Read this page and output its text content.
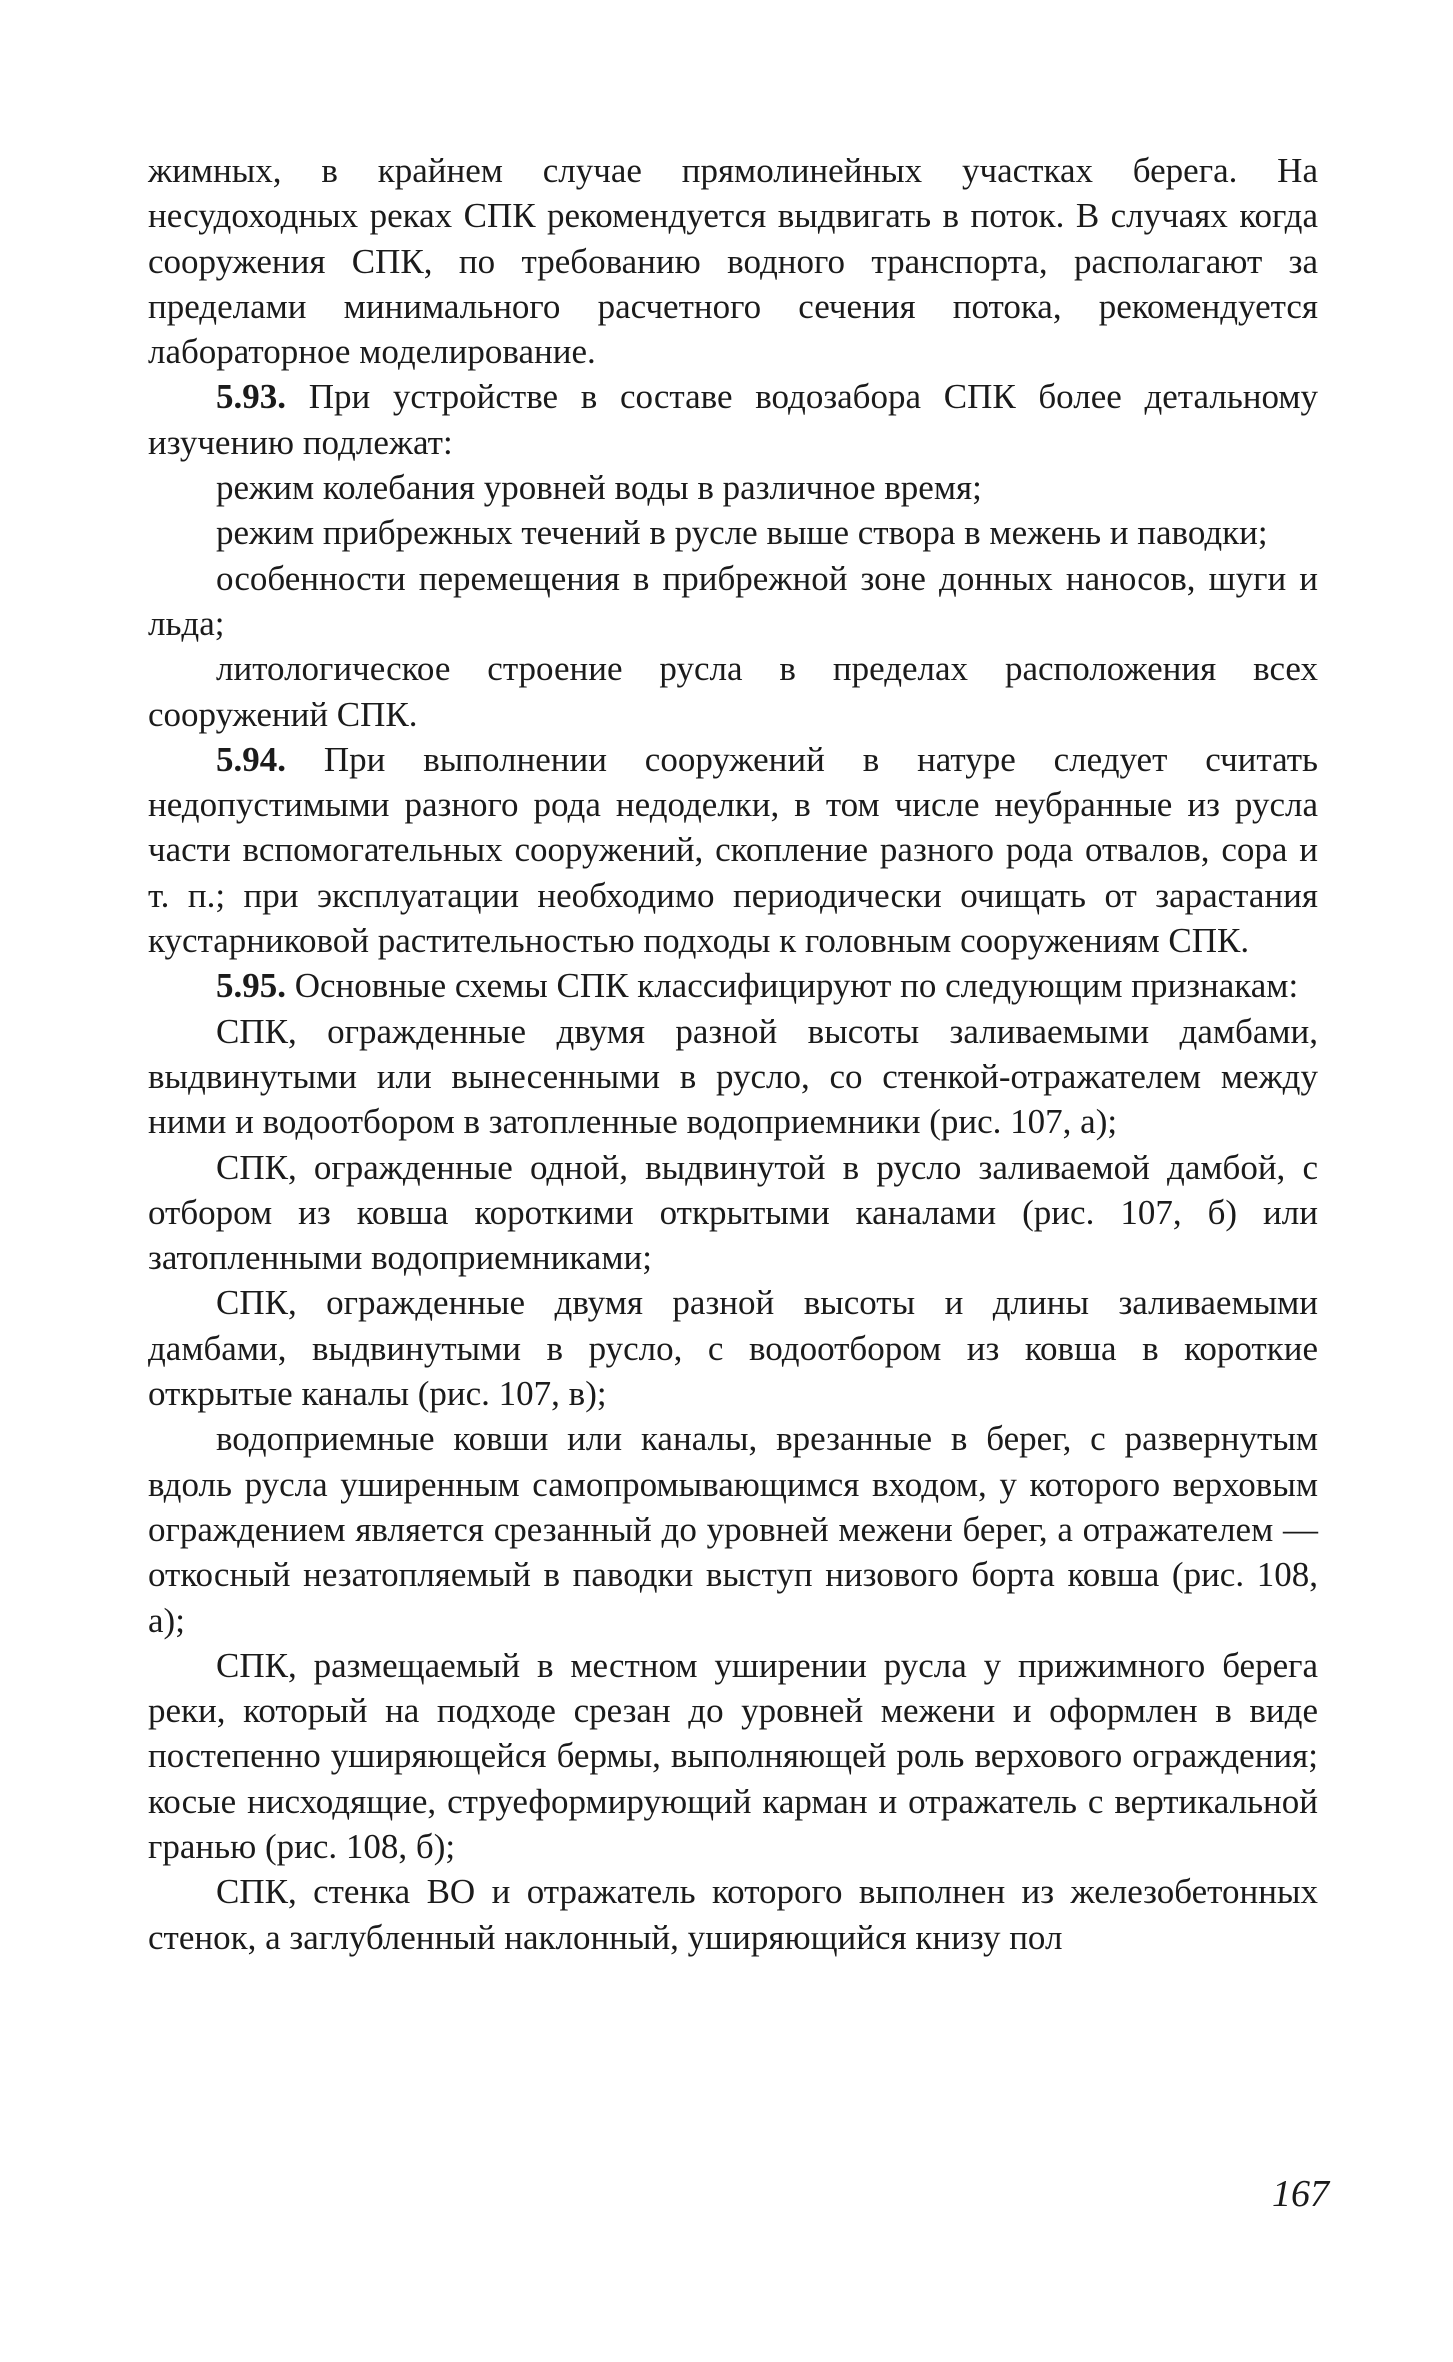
жимных, в крайнем случае прямолинейных участках берега. На несудоходных реках СПК рекомендуется выдвигать в поток. В случаях когда сооружения СПК, по требованию водного транспорта, располагают за пределами минимального расчетного сечения потока, рекомендуется лабораторное моделирование.

5.93. При устройстве в составе водозабора СПК более детальному изучению подлежат:

режим колебания уровней воды в различное время;

режим прибрежных течений в русле выше створа в межень и паводки;

особенности перемещения в прибрежной зоне донных наносов, шуги и льда;

литологическое строение русла в пределах расположения всех сооружений СПК.

5.94. При выполнении сооружений в натуре следует считать недопустимыми разного рода недоделки, в том числе неубранные из русла части вспомогательных сооружений, скопление разного рода отвалов, сора и т. п.; при эксплуатации необходимо периодически очищать от зарастания кустарниковой растительностью подходы к головным сооружениям СПК.

5.95. Основные схемы СПК классифицируют по следующим признакам:

СПК, огражденные двумя разной высоты заливаемыми дамбами, выдвинутыми или вынесенными в русло, со стенкой-отражателем между ними и водоотбором в затопленные водоприемники (рис. 107, а);

СПК, огражденные одной, выдвинутой в русло заливаемой дамбой, с отбором из ковша короткими открытыми каналами (рис. 107, б) или затопленными водоприемниками;

СПК, огражденные двумя разной высоты и длины заливаемыми дамбами, выдвинутыми в русло, с водоотбором из ковша в короткие открытые каналы (рис. 107, в);

водоприемные ковши или каналы, врезанные в берег, с развернутым вдоль русла уширенным самопромывающимся входом, у которого верховым ограждением является срезанный до уровней межени берег, а отражателем — откосный незатопляемый в паводки выступ низового борта ковша (рис. 108, а);

СПК, размещаемый в местном уширении русла у прижимного берега реки, который на подходе срезан до уровней межени и оформлен в виде постепенно уширяющейся бермы, выполняющей роль верхового ограждения; косые нисходящие, струеформирующий карман и отражатель с вертикальной гранью (рис. 108, б);

СПК, стенка ВО и отражатель которого выполнен из железобетонных стенок, а заглубленный наклонный, уширяющийся книзу пол

167
